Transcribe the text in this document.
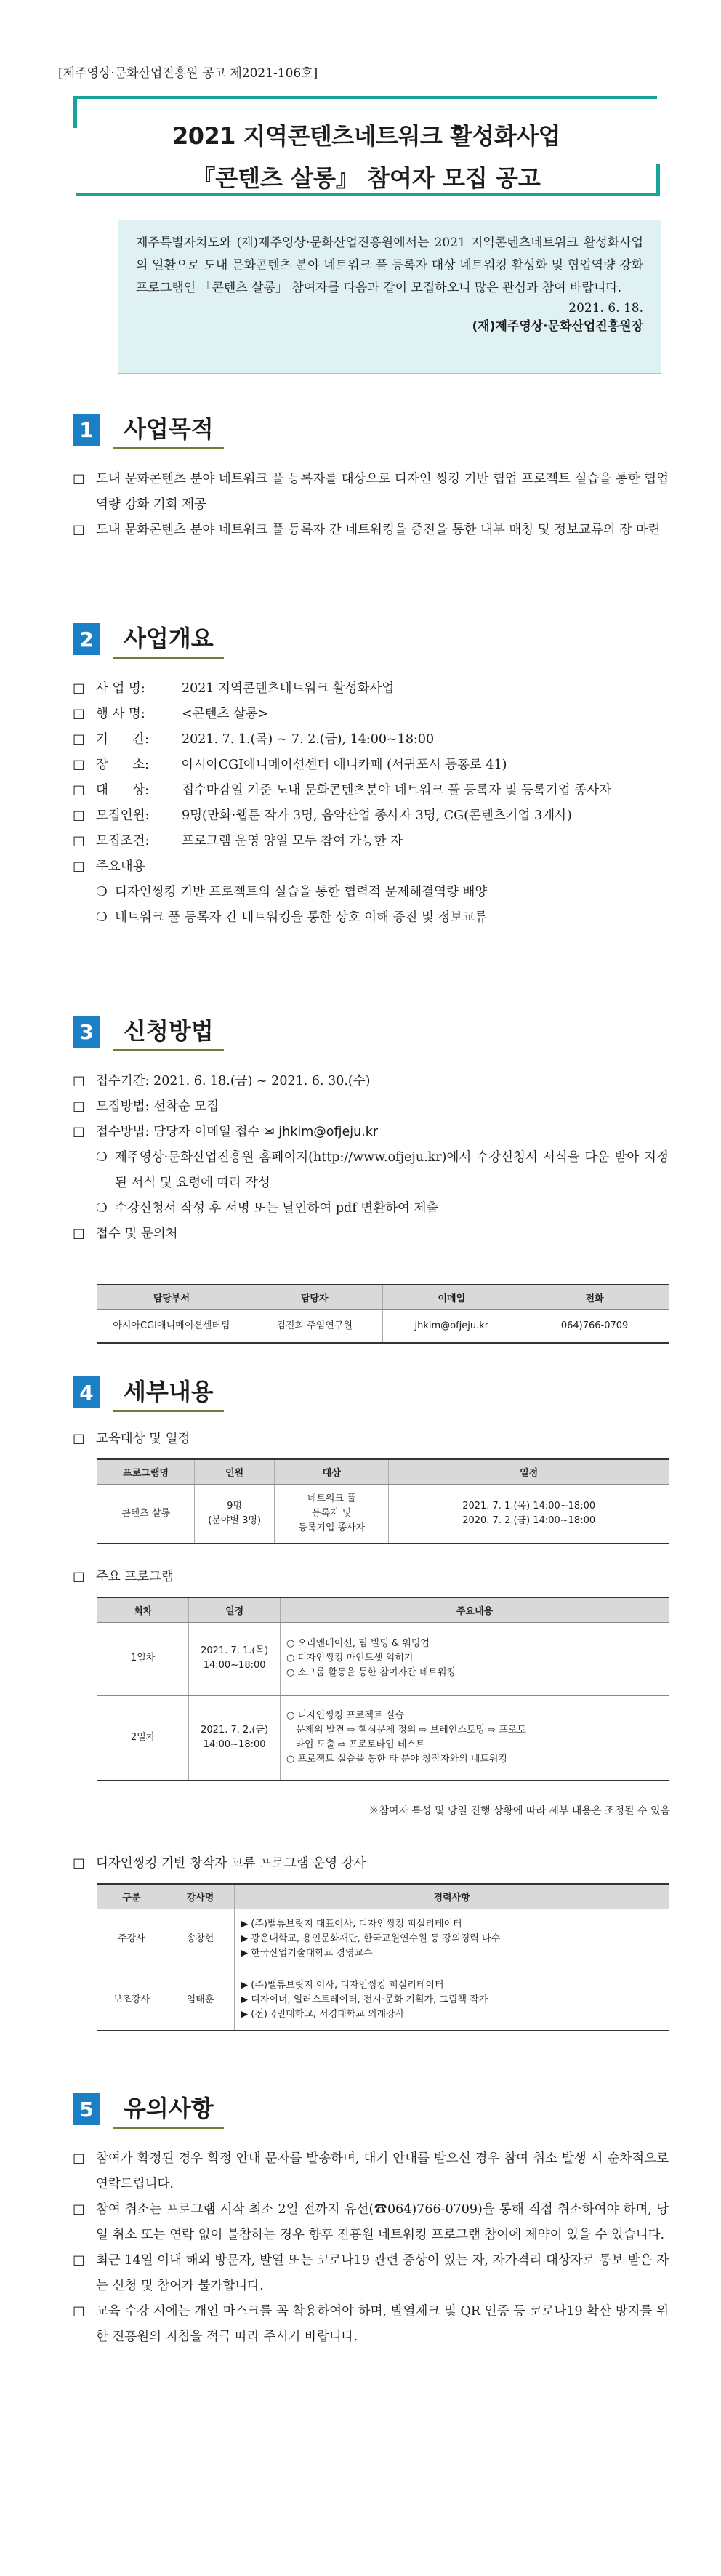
[제주영상·문화산업진흥원 공고 제2021-106호]
2021 지역콘텐츠네트워크 활성화사업
『콘텐츠 살롱』 참여자 모집 공고
제주특별자치도와 (재)제주영상·문화산업진흥원에서는 2021 지역콘텐츠네트워크 활성화사업의 일환으로 도내 문화콘텐츠 분야 네트워크 풀 등록자 대상 네트워킹 활성화 및 협업역량 강화 프로그램인 「콘텐츠 살롱」 참여자를 다음과 같이 모집하오니 많은 관심과 참여 바랍니다.
2021. 6. 18.
(재)제주영상·문화산업진흥원장
1	사업목적
□ 도내 문화콘텐츠 분야 네트워크 풀 등록자를 대상으로 디자인 씽킹 기반 협업 프로젝트 실습을 통한 협업 역량 강화 기회 제공
□ 도내 문화콘텐츠 분야 네트워크 풀 등록자 간 네트워킹을 증진을 통한 내부 매칭 및 정보교류의 장 마련
2	사업개요
□ 사 업 명:	2021 지역콘텐츠네트워크 활성화사업
□ 행 사 명:	<콘텐츠 살롱>
□ 기      간:	2021. 7. 1.(목) ~ 7. 2.(금), 14:00~18:00
□ 장      소:	아시아CGI애니메이션센터 애니카페 (서귀포시 동홍로 41)
□ 대      상:	접수마감일 기준 도내 문화콘텐츠분야 네트워크 풀 등록자 및 등록기업 종사자
□ 모집인원:	9명(만화·웹툰 작가 3명, 음악산업 종사자 3명, CG(콘텐츠기업 3개사)
□ 모집조건:	프로그램 운영 양일 모두 참여 가능한 자
□ 주요내용
❍ 디자인씽킹 기반 프로젝트의 실습을 통한 협력적 문제해결역량 배양
❍ 네트워크 풀 등록자 간 네트워킹을 통한 상호 이해 증진 및 정보교류
3	신청방법
□ 접수기간: 2021. 6. 18.(금) ~ 2021. 6. 30.(수)
□ 모집방법: 선착순 모집
□ 접수방법: 담당자 이메일 접수 ✉ jhkim@ofjeju.kr
❍ 제주영상·문화산업진흥원 홈페이지(http://www.ofjeju.kr)에서 수강신청서 서식을 다운 받아 지정된 서식 및 요령에 따라 작성
❍ 수강신청서 작성 후 서명 또는 날인하여 pdf 변환하여 제출
□ 접수 및 문의처
담당부서	담당자	이메일	전화
아시아CGI애니메이션센터팀	김진희 주임연구원	jhkim@ofjeju.kr	064)766-0709
4	세부내용
□ 교육대상 및 일정
프로그램명	인원	대상	일정
콘텐츠 살롱	9명
(분야별 3명)	네트워크 풀
등록자 및
등록기업 종사자	2021. 7. 1.(목) 14:00~18:00
2020. 7. 2.(금) 14:00~18:00
□ 주요 프로그램
회차	일정	주요내용
1일차	2021. 7. 1.(목)
14:00~18:00	○ 오리엔테이션, 팀 빌딩 & 워밍업
○ 디자인씽킹 마인드셋 익히기
○ 소그룹 활동을 통한 참여자간 네트워킹
2일차	2021. 7. 2.(금)
14:00~18:00	○ 디자인씽킹 프로젝트 실습
- 문제의 발견 ⇨ 핵심문제 정의 ⇨ 브레인스토밍 ⇨ 프로토
타입 도출 ⇨ 프로토타입 테스트
○ 프로젝트 실습을 통한 타 분야 창작자와의 네트워킹
※참여자 특성 및 당일 진행 상황에 따라 세부 내용은 조정될 수 있음
□ 디자인씽킹 기반 창작자 교류 프로그램 운영 강사
구분	강사명	경력사항
주강사	송창현	▶ (주)밸류브릿지 대표이사, 디자인씽킹 퍼실리테이터
▶ 광운대학교, 용인문화재단, 한국교원연수원 등 강의경력 다수
▶ 한국산업기술대학교 경영교수
보조강사	엄태훈	▶ (주)밸류브릿지 이사, 디자인씽킹 퍼실리테이터
▶ 디자이너, 일러스트레이터, 전시·문화 기획가, 그림책 작가
▶ (전)국민대학교, 서경대학교 외래강사
5	유의사항
□ 참여가 확정된 경우 확정 안내 문자를 발송하며, 대기 안내를 받으신 경우 참여 취소 발생 시 순차적으로 연락드립니다.
□ 참여 취소는 프로그램 시작 최소 2일 전까지 유선(☎064)766-0709)을 통해 직접 취소하여야 하며, 당일 취소 또는 연락 없이 불참하는 경우 향후 진흥원 네트워킹 프로그램 참여에 제약이 있을 수 있습니다.
□ 최근 14일 이내 해외 방문자, 발열 또는 코로나19 관련 증상이 있는 자, 자가격리 대상자로 통보 받은 자는 신청 및 참여가 불가합니다.
□ 교육 수강 시에는 개인 마스크를 꼭 착용하여야 하며, 발열체크 및 QR 인증 등 코로나19 확산 방지를 위한 진흥원의 지침을 적극 따라 주시기 바랍니다.
